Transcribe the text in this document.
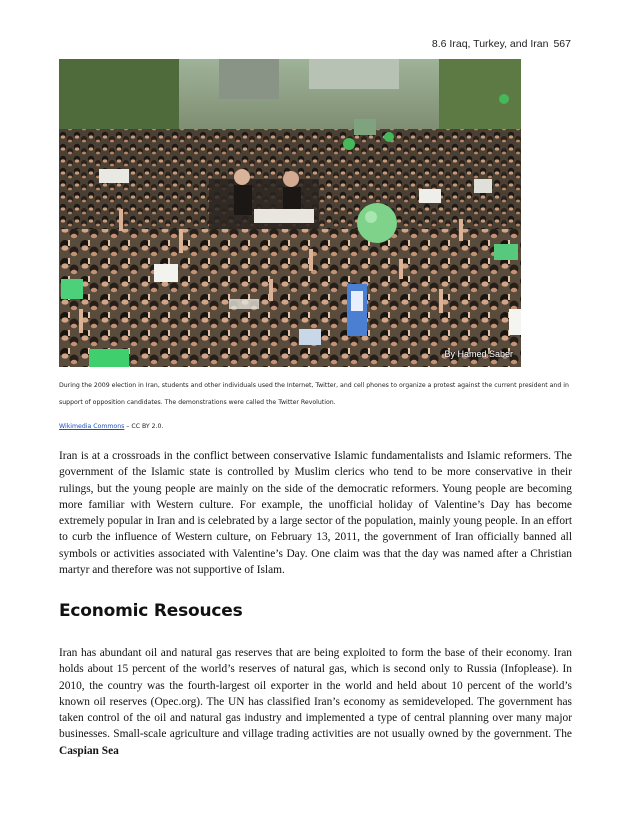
8.6 Iraq, Turkey, and Iran 567
By Hamed Saber
During the 2009 election in Iran, students and other individuals used the Internet, Twitter, and cell phones to organize a protest against the current president and in support of opposition candidates. The demonstrations were called the Twitter Revolution.
Wikimedia Commons – CC BY 2.0.

Iran is at a crossroads in the conflict between conservative Islamic fundamentalists and Islamic reformers. The government of the Islamic state is controlled by Muslim clerics who tend to be more conservative in their rulings, but the young people are mainly on the side of the democratic reformers. Young people are becoming more familiar with Western culture. For example, the unofficial holiday of Valentine’s Day has become extremely popular in Iran and is celebrated by a large sector of the population, mainly young people. In an effort to curb the influence of Western culture, on February 13, 2011, the government of Iran officially banned all symbols or activities associated with Valentine’s Day. One claim was that the day was named after a Christian martyr and therefore was not supportive of Islam.

Economic Resouces

Iran has abundant oil and natural gas reserves that are being exploited to form the base of their economy. Iran holds about 15 percent of the world’s reserves of natural gas, which is second only to Russia (Infoplease). In 2010, the country was the fourth-largest oil exporter in the world and held about 10 percent of the world’s known oil reserves (Opec.org). The UN has classified Iran’s economy as semideveloped. The government has taken control of the oil and natural gas industry and implemented a type of central planning over many major businesses. Small-scale agriculture and village trading activities are not usually owned by the government. The Caspian Sea
